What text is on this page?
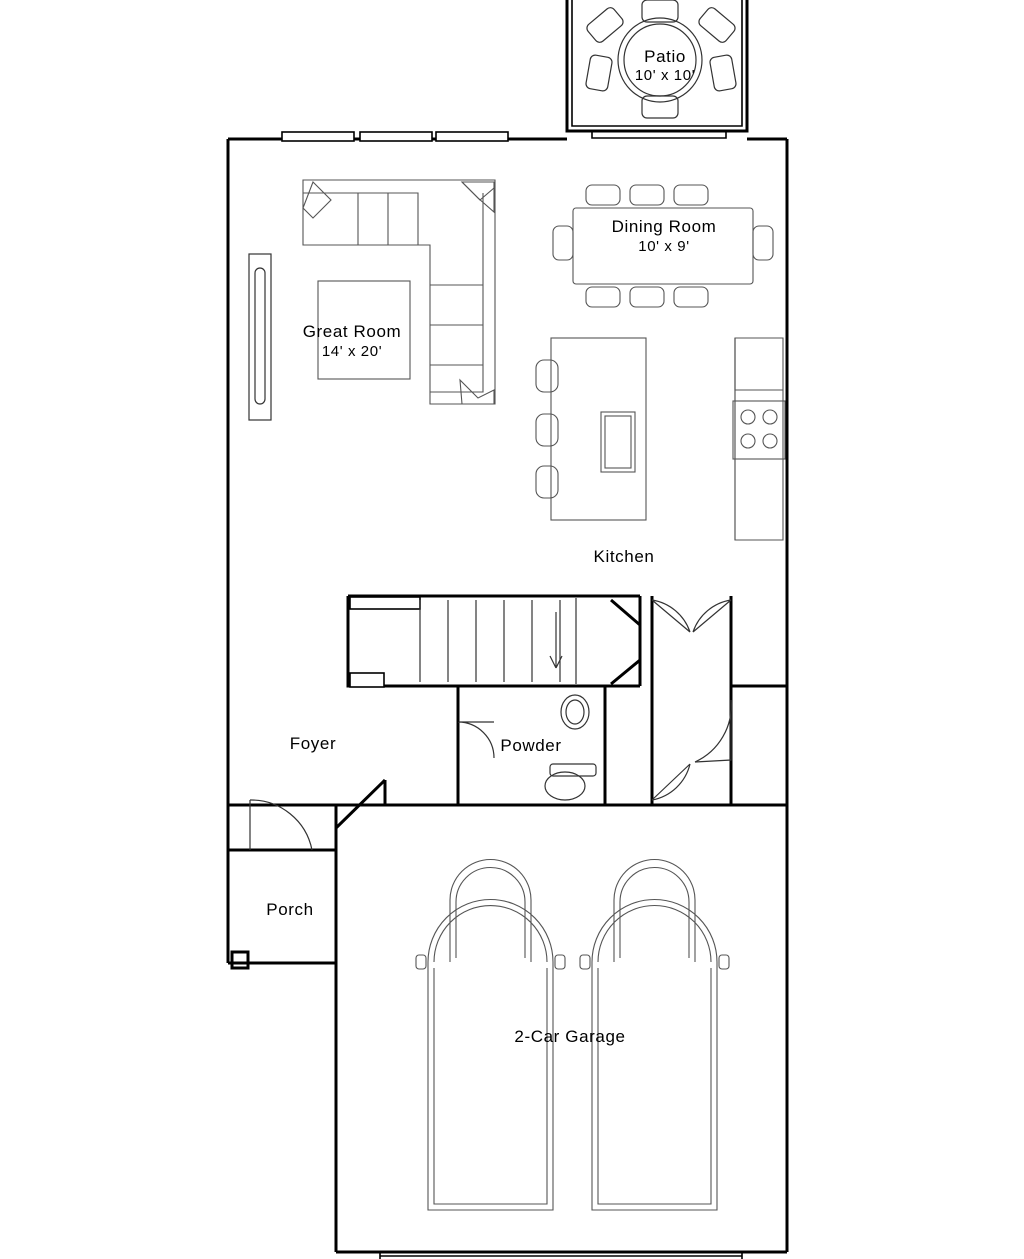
Patio
10' x 10'
Dining Room
10' x 9'
Great Room
14' x 20'
Kitchen
Foyer	Powder
Porch
2-Car Garage
